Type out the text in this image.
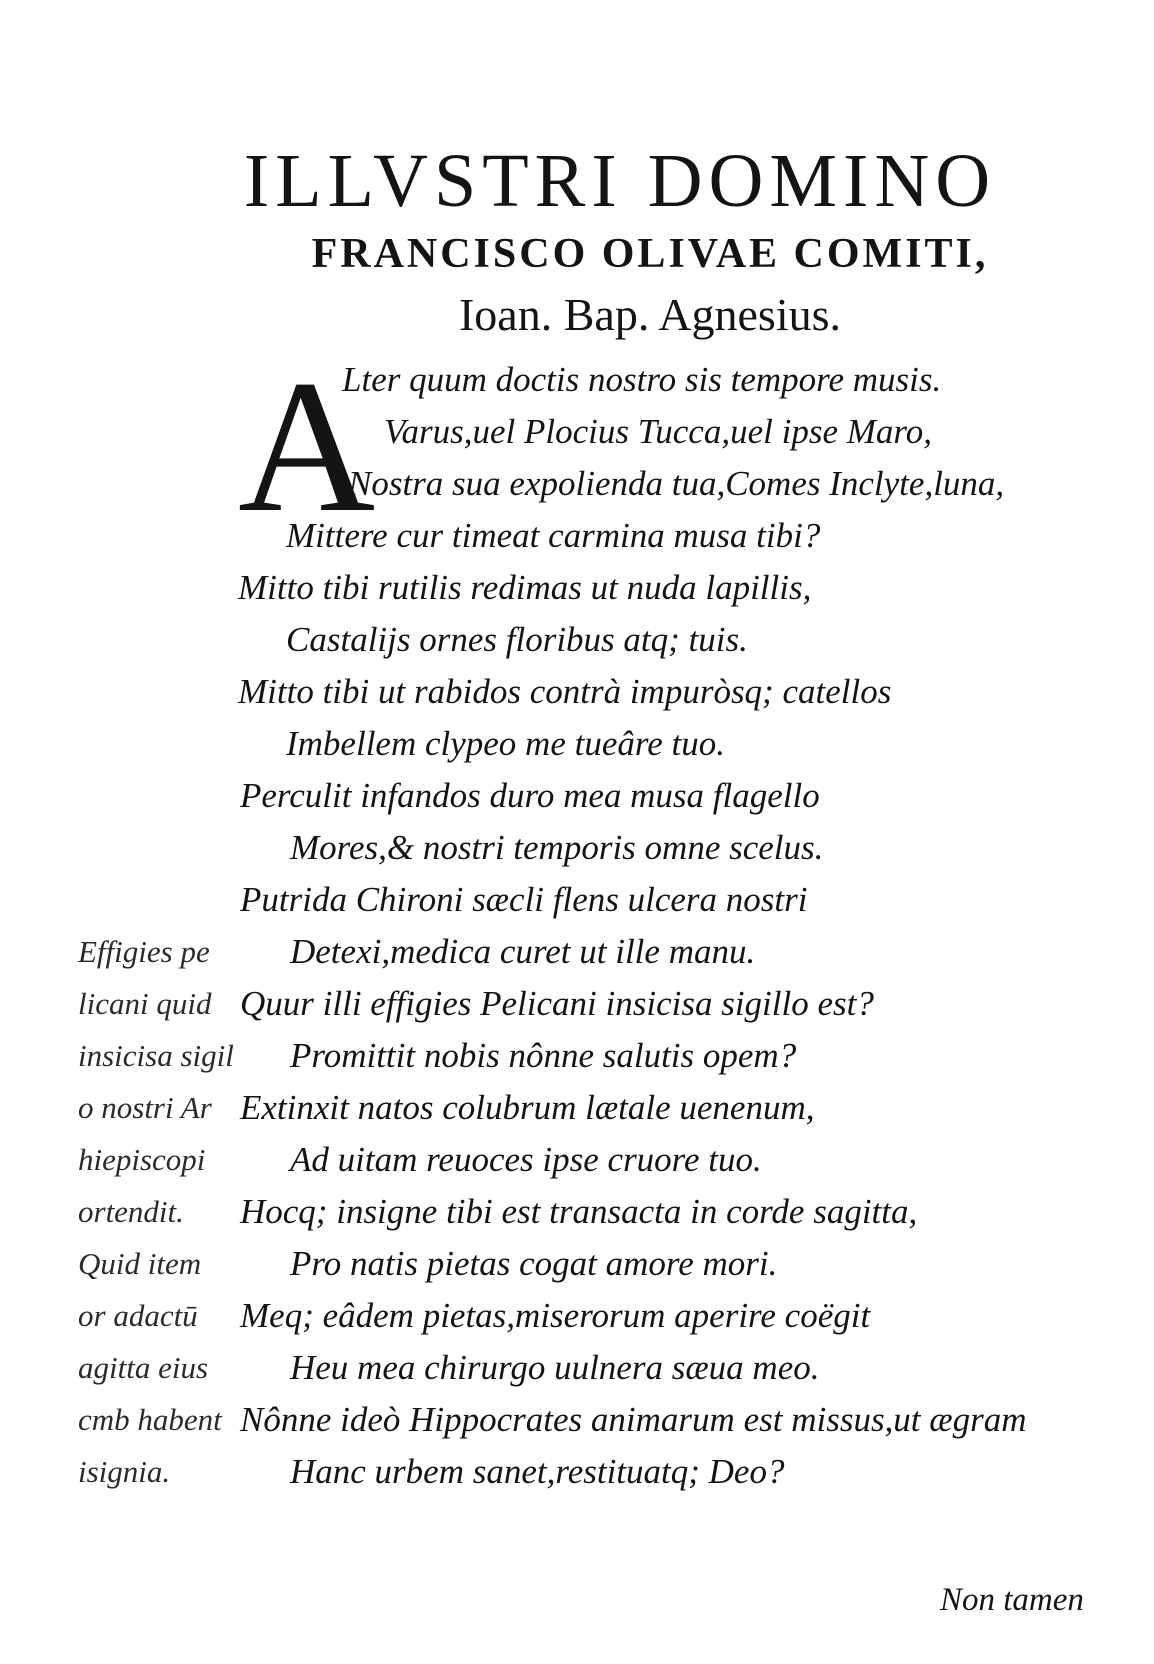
ILLVSTRI DOMINO
FRANCISCO OLIVAE COMITI,
Ioan. Bap. Agnesius.
A
Lter quum doctis nostro sis tempore musis.
Varus,uel Plocius Tucca,uel ipse Maro,
Nostra sua expolienda tua,Comes Inclyte,luna,
Mittere cur timeat carmina musa tibi?
Mitto tibi rutilis redimas ut nuda lapillis,
Castalijs ornes floribus atq; tuis.
Mitto tibi ut rabidos contrà impuròsq; catellos
Imbellem clypeo me tueâre tuo.
Perculit infandos duro mea musa flagello
Mores,& nostri temporis omne scelus.
Putrida Chironi sæcli flens ulcera nostri
Detexi,medica curet ut ille manu.
Quur illi effigies Pelicani insicisa sigillo est?
Promittit nobis nônne salutis opem?
Extinxit natos colubrum lætale uenenum,
Ad uitam reuoces ipse cruore tuo.
Hocq; insigne tibi est transacta in corde sagitta,
Pro natis pietas cogat amore mori.
Meq; eâdem pietas,miserorum aperire coëgit
Heu mea chirurgo uulnera sæua meo.
Nônne ideò Hippocrates animarum est missus,ut ægram
Hanc urbem sanet,restituatq; Deo?
Effigies pe
licani quid
insicisa sigil
o nostri Ar
hiepiscopi
ortendit.
Quid item
or adactū
agitta eius
cmb habent
isignia.
Non tamen
